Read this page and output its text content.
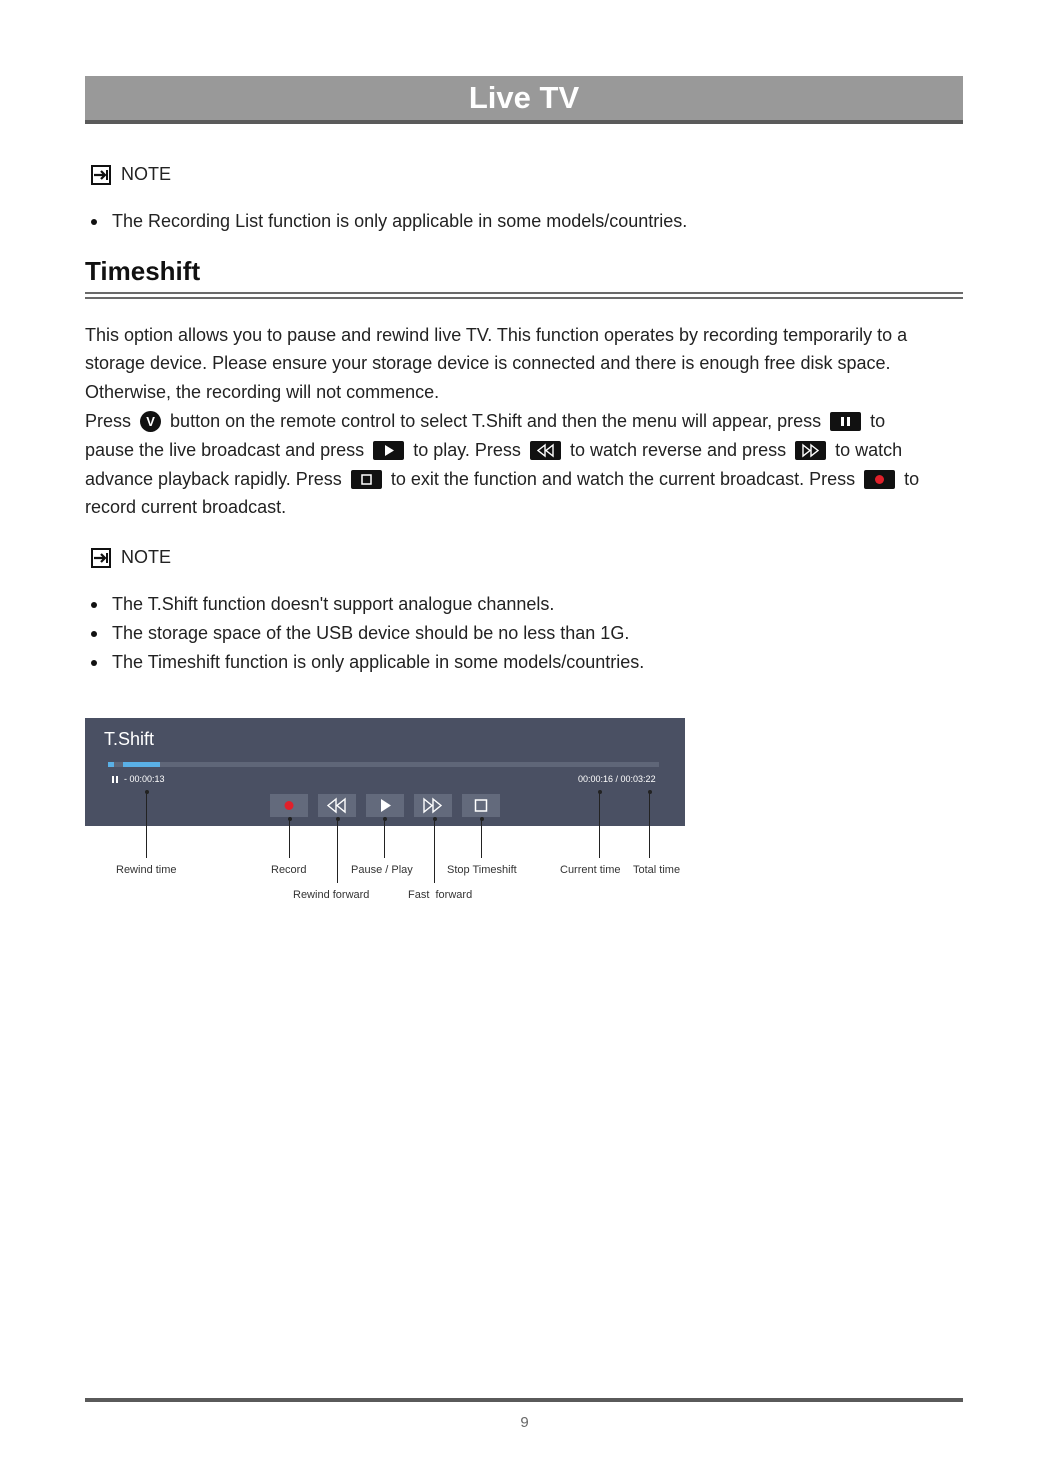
Live TV
NOTE
The Recording List function is only applicable in some models/countries.
Timeshift
This option allows you to pause and rewind live TV. This function operates by recording temporarily to a
storage device. Please ensure your storage device is connected and there is enough free disk space.
Otherwise, the recording will not commence.
Press V button on the remote control to select T.Shift and then the menu will appear, press	to
pause the live broadcast and press	to play. Press	to watch reverse and press	to watch
advance playback rapidly. Press	to exit the function and watch the current broadcast. Press	to
record current broadcast.
NOTE
The T.Shift function doesn't support analogue channels.
The storage space of the USB device should be no less than 1G.
The Timeshift function is only applicable in some models/countries.
T.Shift
- 00:00:13	00:00:16 / 00:03:22
Rewind time	Record	Pause / Play	Stop Timeshift	Current time Total time
Rewind forward	Fast  forward
9
